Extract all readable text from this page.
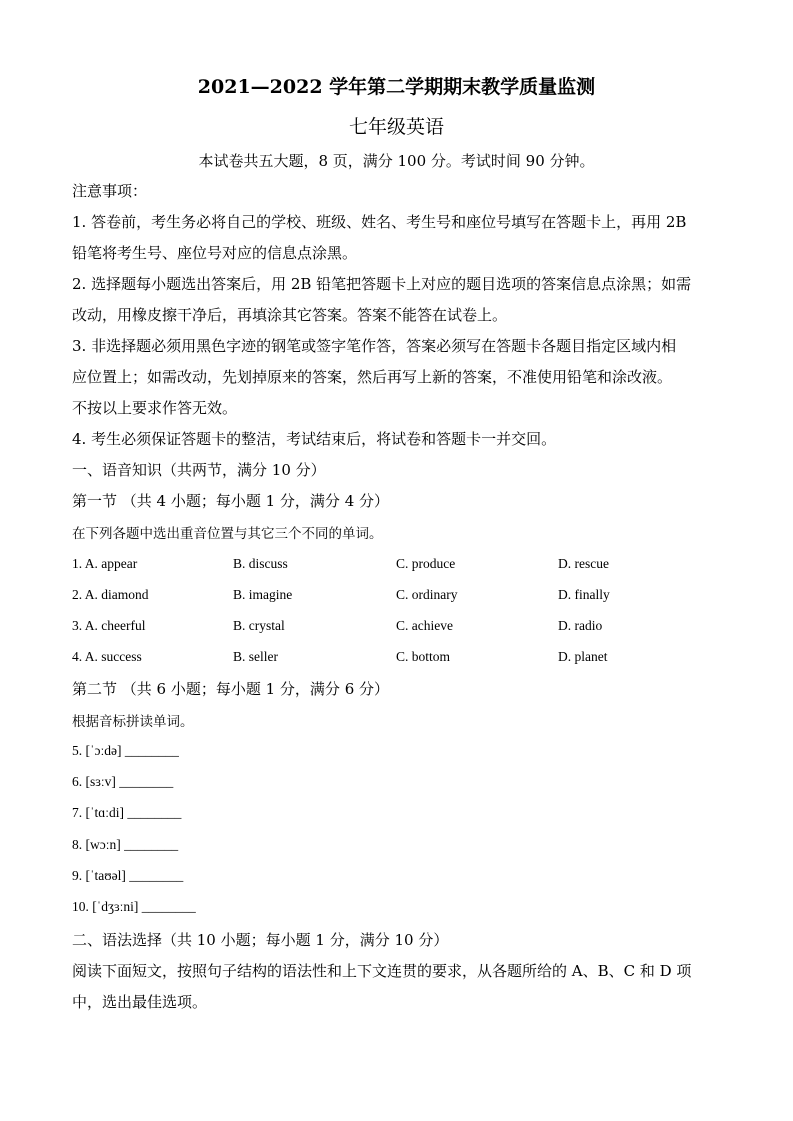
2021—2022 学年第二学期期末教学质量监测
七年级英语
本试卷共五大题，8 页，满分 100 分。考试时间 90 分钟。
注意事项：
1. 答卷前，考生务必将自己的学校、班级、姓名、考生号和座位号填写在答题卡上，再用 2B
铅笔将考生号、座位号对应的信息点涂黑。
2. 选择题每小题选出答案后，用 2B 铅笔把答题卡上对应的题目选项的答案信息点涂黑；如需
改动，用橡皮擦干净后，再填涂其它答案。答案不能答在试卷上。
3. 非选择题必须用黑色字迹的钢笔或签字笔作答，答案必须写在答题卡各题目指定区域内相
应位置上；如需改动，先划掉原来的答案，然后再写上新的答案，不准使用铅笔和涂改液。
不按以上要求作答无效。
4. 考生必须保证答题卡的整洁，考试结束后，将试卷和答题卡一并交回。
一、语音知识（共两节，满分 10 分）
第一节 （共 4 小题；每小题 1 分，满分 4 分）
在下列各题中选出重音位置与其它三个不同的单词。
1. A. appear	B. discuss	C. produce	D. rescue
2. A. diamond	B. imagine	C. ordinary	D. finally
3. A. cheerful	B. crystal	C. achieve	D. radio
4. A. success	B. seller	C. bottom	D. planet
第二节 （共 6 小题；每小题 1 分，满分 6 分）
根据音标拼读单词。
5. [ˈɔːdə] ________
6. [sɜːv] ________
7. [ˈtɑːdi] ________
8. [wɔːn] ________
9. [ˈtaʊəl] ________
10. [ˈdʒɜːni] ________
二、语法选择（共 10 小题；每小题 1 分，满分 10 分）
阅读下面短文，按照句子结构的语法性和上下文连贯的要求，从各题所给的 A、B、C 和 D 项
中，选出最佳选项。
